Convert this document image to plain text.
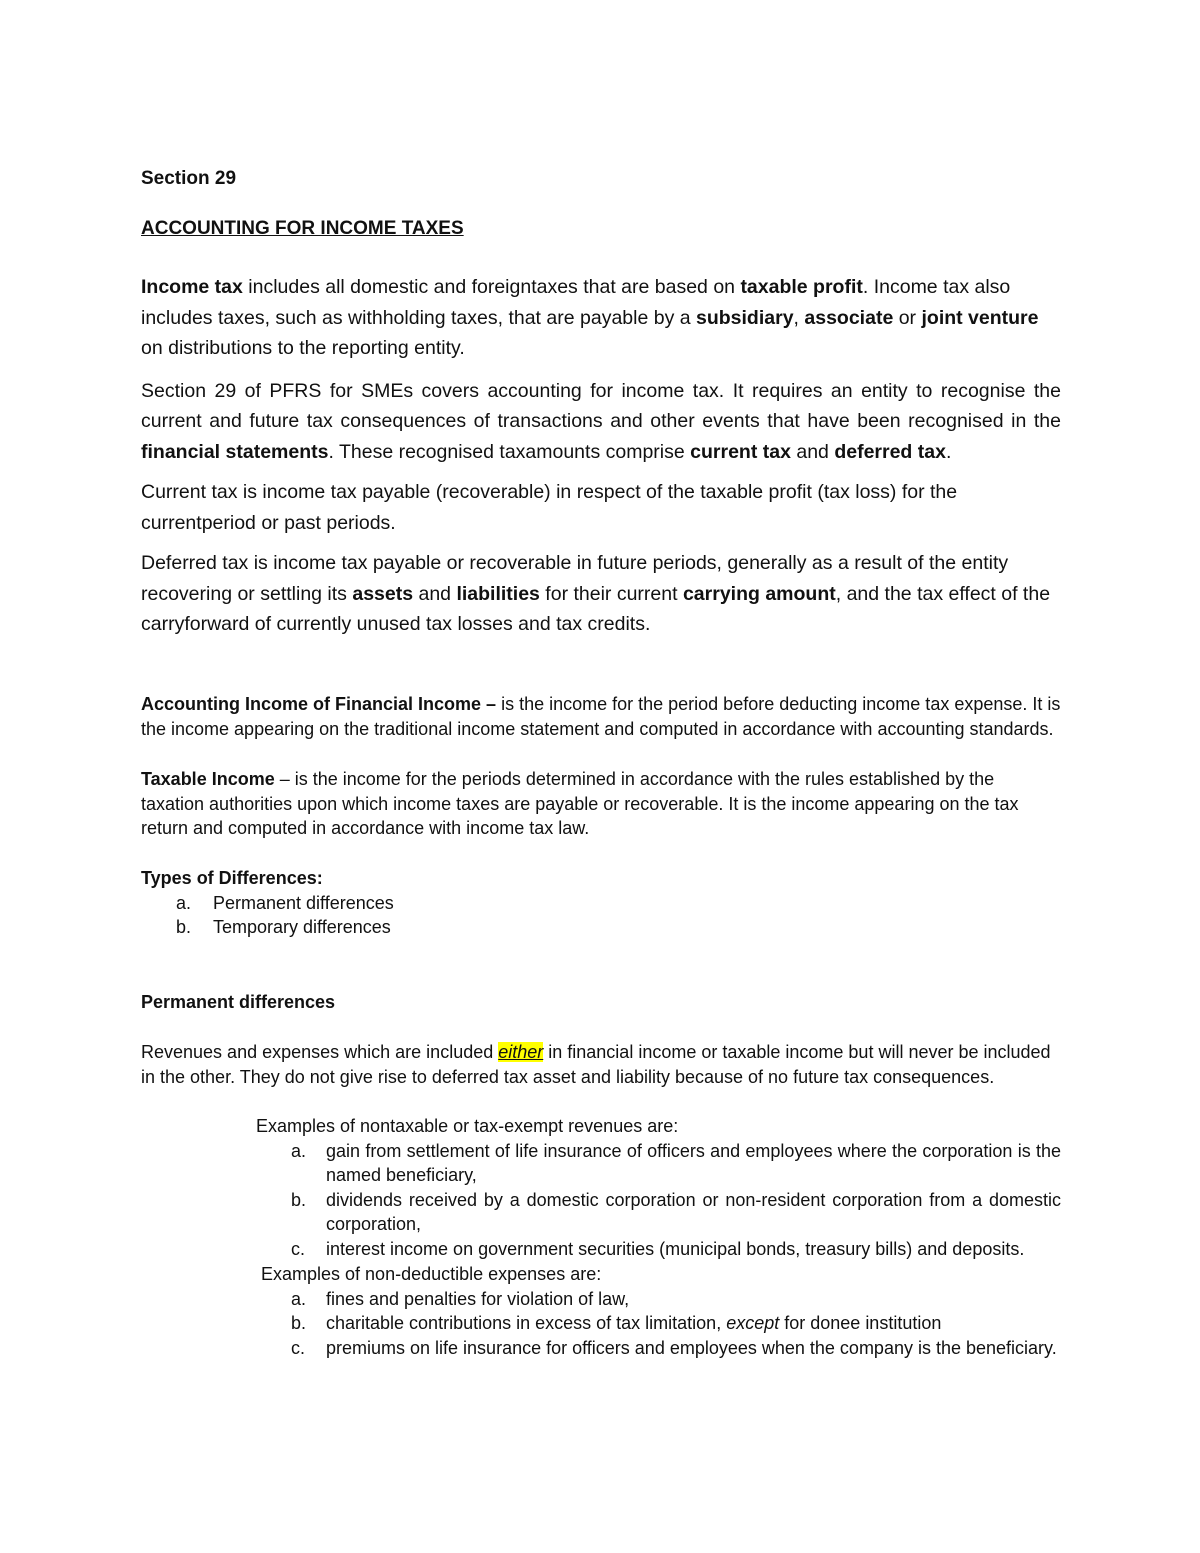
Section 29
ACCOUNTING FOR INCOME TAXES

Income tax includes all domestic and foreigntaxes that are based on taxable profit. Income tax also includes taxes, such as withholding taxes, that are payable by a subsidiary, associate or joint venture on distributions to the reporting entity.

Section 29 of PFRS for SMEs covers accounting for income tax. It requires an entity to recognise the current and future tax consequences of transactions and other events that have been recognised in the financial statements. These recognised taxamounts comprise current tax and deferred tax.

Current tax is income tax payable (recoverable) in respect of the taxable profit (tax loss) for the currentperiod or past periods.

Deferred tax is income tax payable or recoverable in future periods, generally as a result of the entity recovering or settling its assets and liabilities for their current carrying amount, and the tax effect of the carryforward of currently unused tax losses and tax credits.

Accounting Income of Financial Income – is the income for the period before deducting income tax expense. It is the income appearing on the traditional income statement and computed in accordance with accounting standards.

Taxable Income – is the income for the periods determined in accordance with the rules established by the taxation authorities upon which income taxes are payable or recoverable. It is the income appearing on the tax return and computed in accordance with income tax law.

Types of Differences:
a.	Permanent differences
b.	Temporary differences
Permanent differences

Revenues and expenses which are included either in financial income or taxable income but will never be included in the other. They do not give rise to deferred tax asset and liability because of no future tax consequences.

Examples of nontaxable or tax-exempt revenues are:
a.	gain from settlement of life insurance of officers and employees where the corporation is the named beneficiary,
b.	dividends received by a domestic corporation or non-resident corporation from a domestic corporation,
c.	interest income on government securities (municipal bonds, treasury bills) and deposits.
Examples of non-deductible expenses are:
a.	fines and penalties for violation of law,
b.	charitable contributions in excess of tax limitation, except for donee institution
c.	premiums on life insurance for officers and employees when the company is the beneficiary.
